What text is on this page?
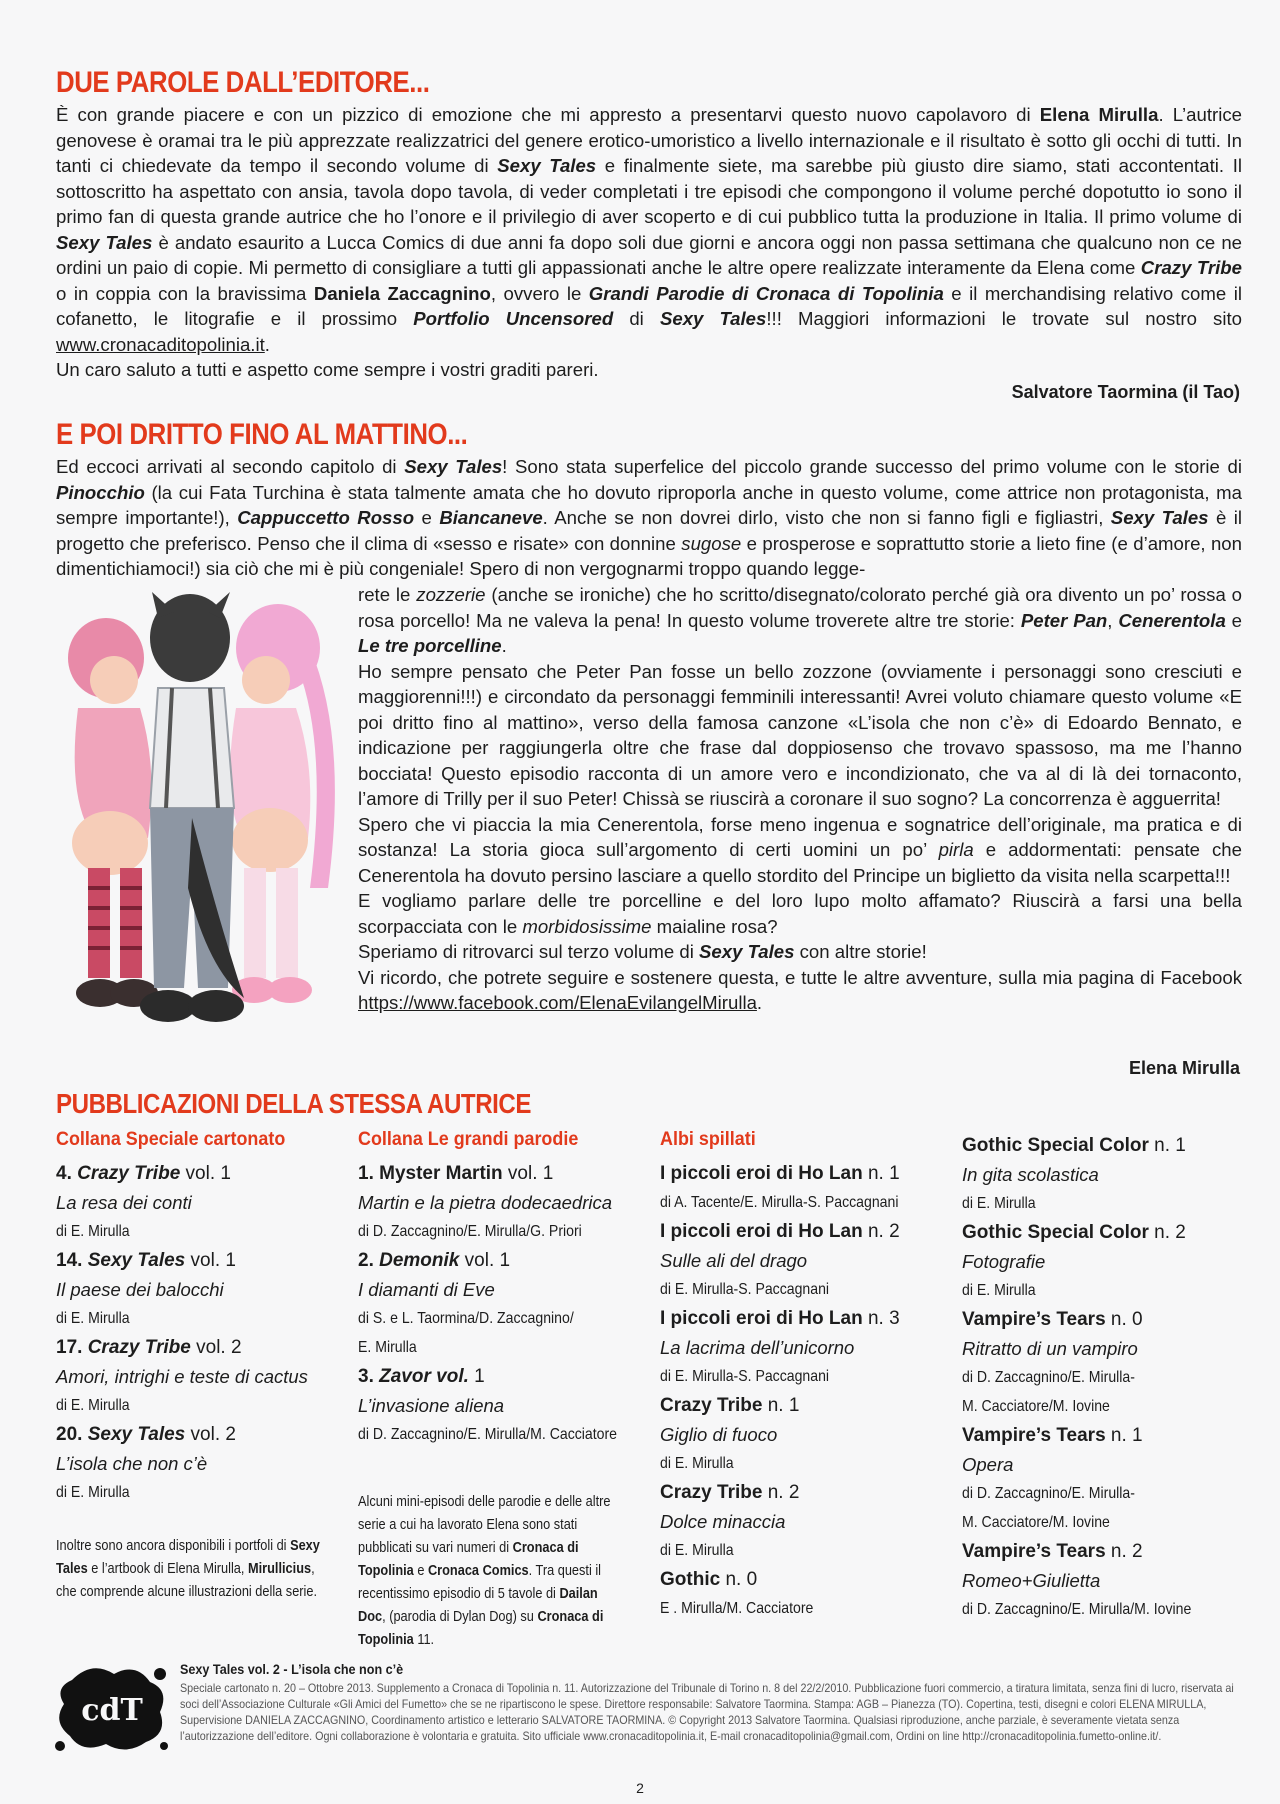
DUE PAROLE DALL’EDITORE...

È con grande piacere e con un pizzico di emozione che mi appresto a presentarvi questo nuovo capolavoro di Elena Mirulla. L’autrice genovese è oramai tra le più apprezzate realizzatrici del genere erotico-umoristico a livello internazionale e il risultato è sotto gli occhi di tutti. In tanti ci chiedevate da tempo il secondo volume di Sexy Tales e finalmente siete, ma sarebbe più giusto dire siamo, stati accontentati. Il sottoscritto ha aspettato con ansia, tavola dopo tavola, di veder completati i tre episodi che compongono il volume perché dopotutto io sono il primo fan di questa grande autrice che ho l’onore e il privilegio di aver scoperto e di cui pubblico tutta la produzione in Italia. Il primo volume di Sexy Tales è andato esaurito a Lucca Comics di due anni fa dopo soli due giorni e ancora oggi non passa settimana che qualcuno non ce ne ordini un paio di copie. Mi permetto di consigliare a tutti gli appassionati anche le altre opere realizzate interamente da Elena come Crazy Tribe o in coppia con la bravissima Daniela Zaccagnino, ovvero le Grandi Parodie di Cronaca di Topolinia e il merchandising relativo come il cofanetto, le litografie e il prossimo Portfolio Uncensored di Sexy Tales!!! Maggiori informazioni le trovate sul nostro sito www.cronacaditopolinia.it.

Un caro saluto a tutti e aspetto come sempre i vostri graditi pareri.

Salvatore Taormina (il Tao)
E POI DRITTO FINO AL MATTINO...

Ed eccoci arrivati al secondo capitolo di Sexy Tales! Sono stata superfelice del piccolo grande successo del primo volume con le storie di Pinocchio (la cui Fata Turchina è stata talmente amata che ho dovuto riproporla anche in questo volume, come attrice non protagonista, ma sempre importante!), Cappuccetto Rosso e Biancaneve. Anche se non dovrei dirlo, visto che non si fanno figli e figliastri, Sexy Tales è il progetto che preferisco. Penso che il clima di «sesso e risate» con donnine sugose e prosperose e soprattutto storie a lieto fine (e d’amore, non dimentichiamoci!) sia ciò che mi è più congeniale! Spero di non vergognarmi troppo quando legge-

rete le zozzerie (anche se ironiche) che ho scritto/disegnato/colorato perché già ora divento un po’ rossa o rosa porcello! Ma ne valeva la pena! In questo volume troverete altre tre storie: Peter Pan, Cenerentola e Le tre porcelline.

Ho sempre pensato che Peter Pan fosse un bello zozzone (ovviamente i personaggi sono cresciuti e maggiorenni!!!) e circondato da personaggi femminili interessanti! Avrei voluto chiamare questo volume «E poi dritto fino al mattino», verso della famosa canzone «L’isola che non c’è» di Edoardo Bennato, e indicazione per raggiungerla oltre che frase dal doppiosenso che trovavo spassoso, ma me l’hanno bocciata! Questo episodio racconta di un amore vero e incondizionato, che va al di là dei tornaconto, l’amore di Trilly per il suo Peter! Chissà se riuscirà a coronare il suo sogno? La concorrenza è agguerrita!

Spero che vi piaccia la mia Cenerentola, forse meno ingenua e sognatrice dell’originale, ma pratica e di sostanza! La storia gioca sull’argomento di certi uomini un po’ pirla e addormentati: pensate che Cenerentola ha dovuto persino lasciare a quello stordito del Principe un biglietto da visita nella scarpetta!!!

E vogliamo parlare delle tre porcelline e del loro lupo molto affamato? Riuscirà a farsi una bella scorpacciata con le morbidosissime maialine rosa?

Speriamo di ritrovarci sul terzo volume di Sexy Tales con altre storie!

Vi ricordo, che potrete seguire e sostenere questa, e tutte le altre avventure, sulla mia pagina di Facebook https://www.facebook.com/ElenaEvilangelMirulla.

Elena Mirulla
PUBBLICAZIONI DELLA STESSA AUTRICE
Collana Speciale cartonato
4. Crazy Tribe vol. 1
La resa dei conti
di E. Mirulla
14. Sexy Tales vol. 1
Il paese dei balocchi
di E. Mirulla
17. Crazy Tribe vol. 2
Amori, intrighi e teste di cactus
di E. Mirulla
20. Sexy Tales vol. 2
L’isola che non c’è
di E. Mirulla
Inoltre sono ancora disponibili i portfoli di Sexy Tales e l’artbook di Elena Mirulla, Mirullicius, che comprende alcune illustrazioni della serie.
Collana Le grandi parodie
1. Myster Martin vol. 1
Martin e la pietra dodecaedrica
di D. Zaccagnino/E. Mirulla/G. Priori
2. Demonik vol. 1
I diamanti di Eve
di S. e L. Taormina/D. Zaccagnino/
E. Mirulla
3. Zavor vol. 1
L’invasione aliena
di D. Zaccagnino/E. Mirulla/M. Cacciatore
Alcuni mini-episodi delle parodie e delle altre serie a cui ha lavorato Elena sono stati pubblicati su vari numeri di Cronaca di Topolinia e Cronaca Comics. Tra questi il recentissimo episodio di 5 tavole di Dailan Doc, (parodia di Dylan Dog) su Cronaca di Topolinia 11.
Albi spillati
I piccoli eroi di Ho Lan n. 1
di A. Tacente/E. Mirulla-S. Paccagnani
I piccoli eroi di Ho Lan n. 2
Sulle ali del drago
di E. Mirulla-S. Paccagnani
I piccoli eroi di Ho Lan n. 3
La lacrima dell’unicorno
di E. Mirulla-S. Paccagnani
Crazy Tribe n. 1
Giglio di fuoco
di E. Mirulla
Crazy Tribe n. 2
Dolce minaccia
di E. Mirulla
Gothic n. 0
E . Mirulla/M. Cacciatore
Gothic Special Color n. 1
In gita scolastica
di E. Mirulla
Gothic Special Color n. 2
Fotografie
di E. Mirulla
Vampire’s Tears n. 0
Ritratto di un vampiro
di D. Zaccagnino/E. Mirulla-
M. Cacciatore/M. Iovine
Vampire’s Tears n. 1
Opera
di D. Zaccagnino/E. Mirulla-
M. Cacciatore/M. Iovine
Vampire’s Tears n. 2
Romeo+Giulietta
di D. Zaccagnino/E. Mirulla/M. Iovine
cdT
Sexy Tales vol. 2 - L’isola che non c’è
Speciale cartonato n. 20 – Ottobre 2013. Supplemento a Cronaca di Topolinia n. 11. Autorizzazione del Tribunale di Torino n. 8 del 22/2/2010. Pubblicazione fuori commercio, a tiratura limitata, senza fini di lucro, riservata ai soci dell’Associazione Culturale «Gli Amici del Fumetto» che se ne ripartiscono le spese. Direttore responsabile: Salvatore Taormina. Stampa: AGB – Pianezza (TO). Copertina, testi, disegni e colori ELENA MIRULLA, Supervisione DANIELA ZACCAGNINO, Coordinamento artistico e letterario SALVATORE TAORMINA. © Copyright 2013 Salvatore Taormina. Qualsiasi riproduzione, anche parziale, è severamente vietata senza l’autorizzazione dell’editore. Ogni collaborazione è volontaria e gratuita. Sito ufficiale www.cronacaditopolinia.it, E-mail cronacaditopolinia@gmail.com, Ordini on line http://cronacaditopolinia.fumetto-online.it/.
2
